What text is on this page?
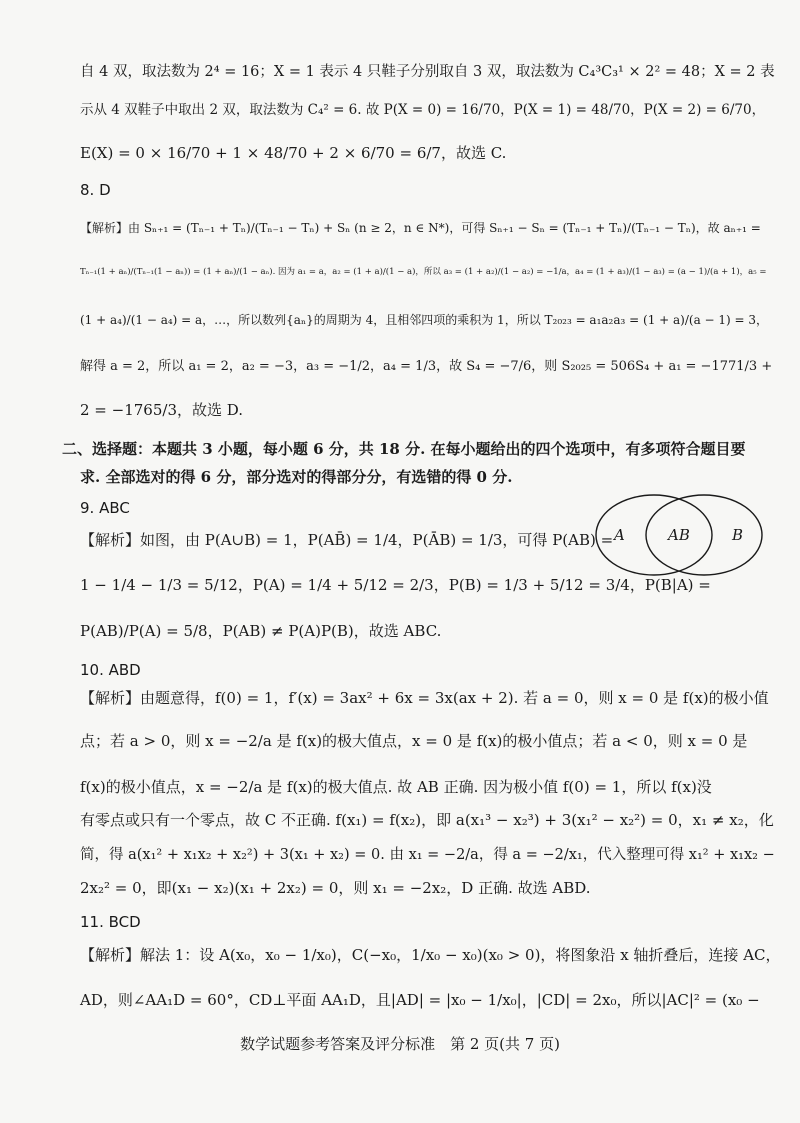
自 4 双，取法数为 2⁴ = 16；X = 1 表示 4 只鞋子分别取自 3 双，取法数为 C₄³C₃¹ × 2² = 48；X = 2 表
示从 4 双鞋子中取出 2 双，取法数为 C₄² = 6. 故 P(X = 0) = 16/70，P(X = 1) = 48/70，P(X = 2) = 6/70，
E(X) = 0 × 16/70 + 1 × 48/70 + 2 × 6/70 = 6/7，故选 C.
8. D
【解析】由 Sₙ₊₁ = (Tₙ₋₁ + Tₙ)/(Tₙ₋₁ − Tₙ) + Sₙ (n ≥ 2，n ∈ N*)，可得 Sₙ₊₁ − Sₙ = (Tₙ₋₁ + Tₙ)/(Tₙ₋₁ − Tₙ)，故 aₙ₊₁ =
Tₙ₋₁(1 + aₙ)/(Tₙ₋₁(1 − aₙ)) = (1 + aₙ)/(1 − aₙ). 因为 a₁ = a，a₂ = (1 + a)/(1 − a)，所以 a₃ = (1 + a₂)/(1 − a₂) = −1/a，a₄ = (1 + a₃)/(1 − a₃) = (a − 1)/(a + 1)，a₅ =
(1 + a₄)/(1 − a₄) = a，…，所以数列{aₙ}的周期为 4，且相邻四项的乘积为 1，所以 T₂₀₂₃ = a₁a₂a₃ = (1 + a)/(a − 1) = 3，
解得 a = 2，所以 a₁ = 2，a₂ = −3，a₃ = −1/2，a₄ = 1/3，故 S₄ = −7/6，则 S₂₀₂₅ = 506S₄ + a₁ = −1771/3 +
2 = −1765/3，故选 D.
二、选择题：本题共 3 小题，每小题 6 分，共 18 分. 在每小题给出的四个选项中，有多项符合题目要
求. 全部选对的得 6 分，部分选对的得部分分，有选错的得 0 分.
9. ABC
【解析】如图，由 P(A∪B) = 1，P(AB̄) = 1/4，P(ĀB) = 1/3，可得 P(AB) =
1 − 1/4 − 1/3 = 5/12，P(A) = 1/4 + 5/12 = 2/3，P(B) = 1/3 + 5/12 = 3/4，P(B|A) =
P(AB)/P(A) = 5/8，P(AB) ≠ P(A)P(B)，故选 ABC.
A	AB	B
10. ABD
【解析】由题意得，f(0) = 1，f′(x) = 3ax² + 6x = 3x(ax + 2). 若 a = 0，则 x = 0 是 f(x)的极小值
点；若 a > 0，则 x = −2/a 是 f(x)的极大值点，x = 0 是 f(x)的极小值点；若 a < 0，则 x = 0 是
f(x)的极小值点，x = −2/a 是 f(x)的极大值点. 故 AB 正确. 因为极小值 f(0) = 1，所以 f(x)没
有零点或只有一个零点，故 C 不正确. f(x₁) = f(x₂)，即 a(x₁³ − x₂³) + 3(x₁² − x₂²) = 0，x₁ ≠ x₂，化
简，得 a(x₁² + x₁x₂ + x₂²) + 3(x₁ + x₂) = 0. 由 x₁ = −2/a，得 a = −2/x₁，代入整理可得 x₁² + x₁x₂ −
2x₂² = 0，即(x₁ − x₂)(x₁ + 2x₂) = 0，则 x₁ = −2x₂，D 正确. 故选 ABD.
11. BCD
【解析】解法 1：设 A(x₀，x₀ − 1/x₀)，C(−x₀，1/x₀ − x₀)(x₀ > 0)，将图象沿 x 轴折叠后，连接 AC，
AD，则∠AA₁D = 60°，CD⊥平面 AA₁D，且|AD| = |x₀ − 1/x₀|，|CD| = 2x₀，所以|AC|² = (x₀ −
数学试题参考答案及评分标准　第 2 页(共 7 页)
